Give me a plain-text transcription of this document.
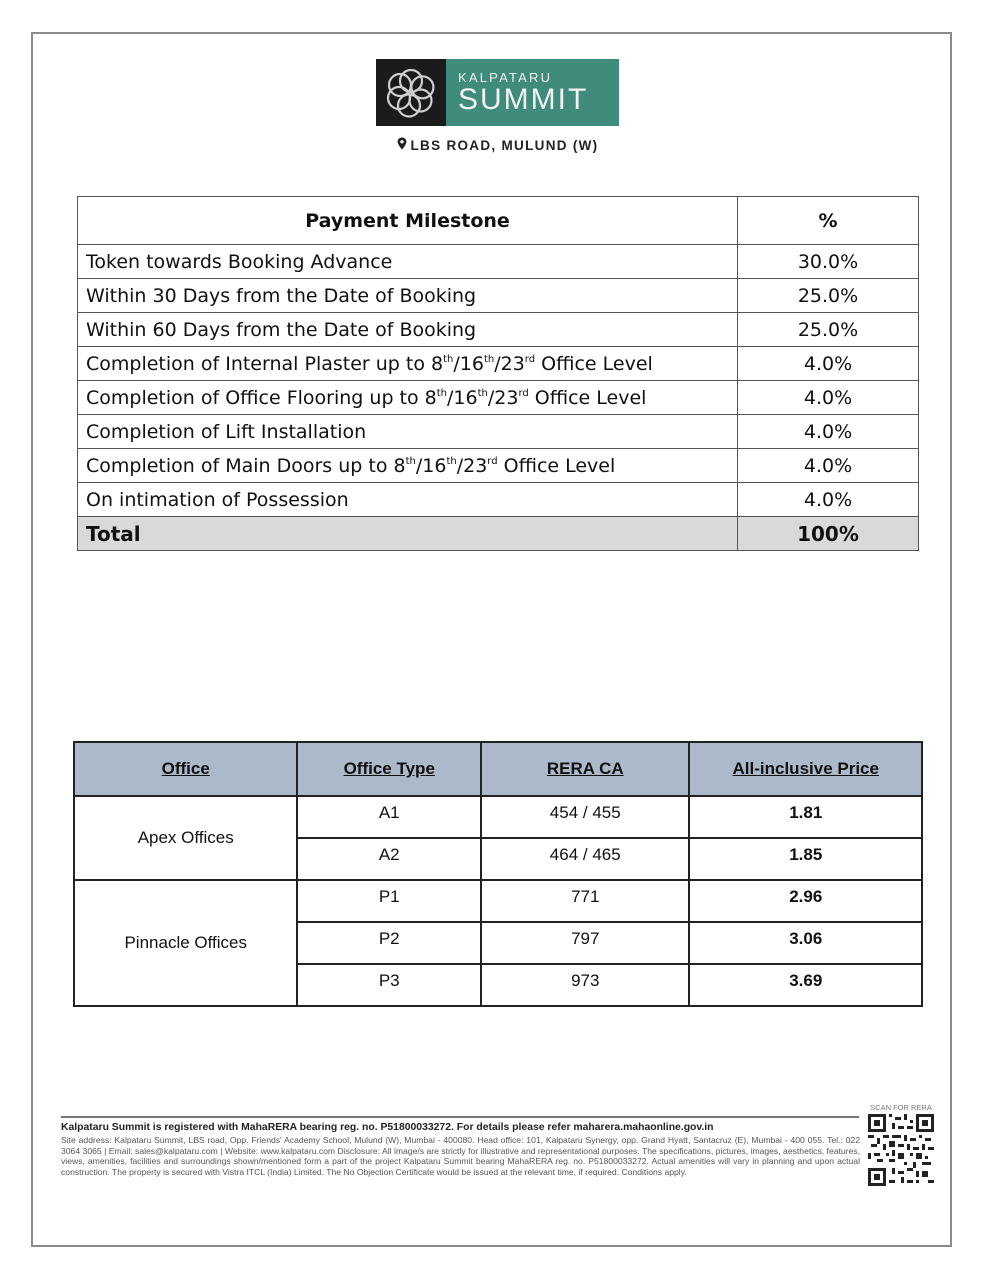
KALPATARU
SUMMIT
LBS ROAD, MULUND (W)
Payment Milestone	%
Token towards Booking Advance	30.0%
Within 30 Days from the Date of Booking	25.0%
Within 60 Days from the Date of Booking	25.0%
Completion of Internal Plaster up to 8th/16th/23rd Office Level	4.0%
Completion of Office Flooring up to 8th/16th/23rd Office Level	4.0%
Completion of Lift Installation	4.0%
Completion of Main Doors up to 8th/16th/23rd Office Level	4.0%
On intimation of Possession	4.0%
Total	100%
Office	Office Type	RERA CA	All-inclusive Price
Apex Offices	A1	454 / 455	1.81
	A2	464 / 465	1.85
Pinnacle Offices	P1	771	2.96
	P2	797	3.06
	P3	973	3.69
Kalpataru Summit is registered with MahaRERA bearing reg. no. P51800033272. For details please refer maharera.mahaonline.gov.in
Site address: Kalpataru Summit, LBS road, Opp. Friends' Academy School, Mulund (W), Mumbai - 400080. Head office: 101, Kalpataru Synergy, opp. Grand Hyatt, Santacruz (E), Mumbai - 400 055. Tel.: 022 3064 3065 | Email: sales@kalpataru.com | Website: www.kalpataru.com Disclosure: All image/s are strictly for illustrative and representational purposes. The specifications, pictures, images, aesthetics, features, views, amenities, facilities and surroundings shown/mentioned form a part of the project Kalpataru Summit bearing MahaRERA reg. no. P51800033272. Actual amenities will vary in planning and upon actual construction. The property is secured with Vistra ITCL (India) Limited. The No Objection Certificate would be issued at the relevant time, if required. Conditions apply.
SCAN FOR RERA
